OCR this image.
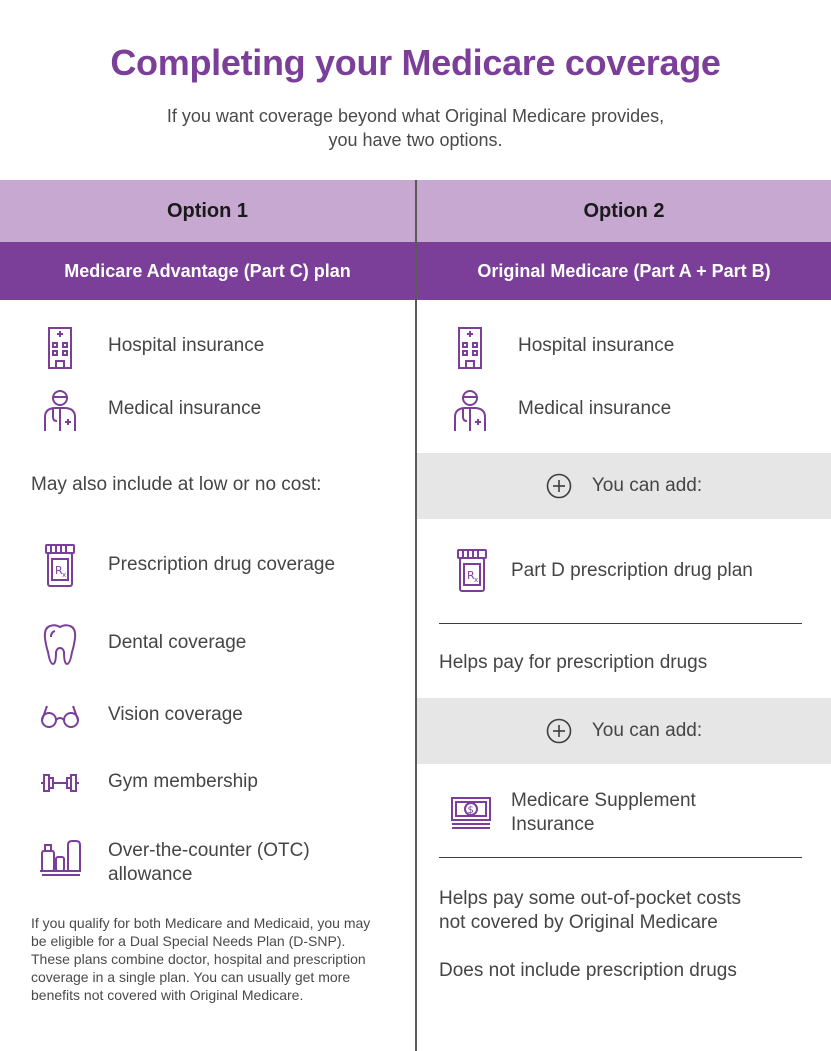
Completing your Medicare coverage
If you want coverage beyond what Original Medicare provides,
you have two options.
Option 1	Option 2
Medicare Advantage (Part C) plan	Original Medicare (Part A + Part B)
Hospital insurance
Medical insurance
May also include at low or no cost:
R x Prescription drug coverage
Dental coverage
Vision coverage
Gym membership
Over-the-counter (OTC)
allowance
If you qualify for both Medicare and Medicaid, you may be eligible for a Dual Special Needs Plan (D-SNP). These plans combine doctor, hospital and prescription coverage in a single plan. You can usually get more benefits not covered with Original Medicare.
Hospital insurance
Medical insurance
You can add:
R x Part D prescription drug plan
Helps pay for prescription drugs
You can add:
$ Medicare Supplement
Insurance
Helps pay some out-of-pocket costs
not covered by Original Medicare
Does not include prescription drugs
